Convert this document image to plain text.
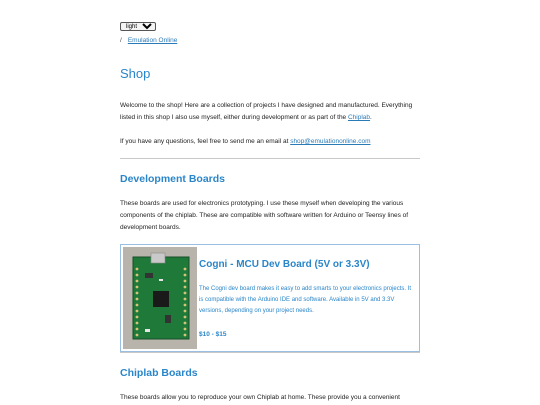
light
/ Emulation Online
Shop

Welcome to the shop! Here are a collection of projects I have designed and manufactured. Everything listed in this shop I also use myself, either during development or as part of the Chiplab.

If you have any questions, feel free to send me an email at shop@emulationonline.com

Development Boards

These boards are used for electronics prototyping. I use these myself when developing the various components of the chiplab. These are compatible with software written for Arduino or Teensy lines of development boards.

Cogni - MCU Dev Board (5V or 3.3V)
The Cogni dev board makes it easy to add smarts to your electronics projects. It is compatible with the Arduino IDE and software. Available in 5V and 3.3V versions, depending on your project needs.
$10 - $15
Chiplab Boards

These boards allow you to reproduce your own Chiplab at home. These provide you a convenient
